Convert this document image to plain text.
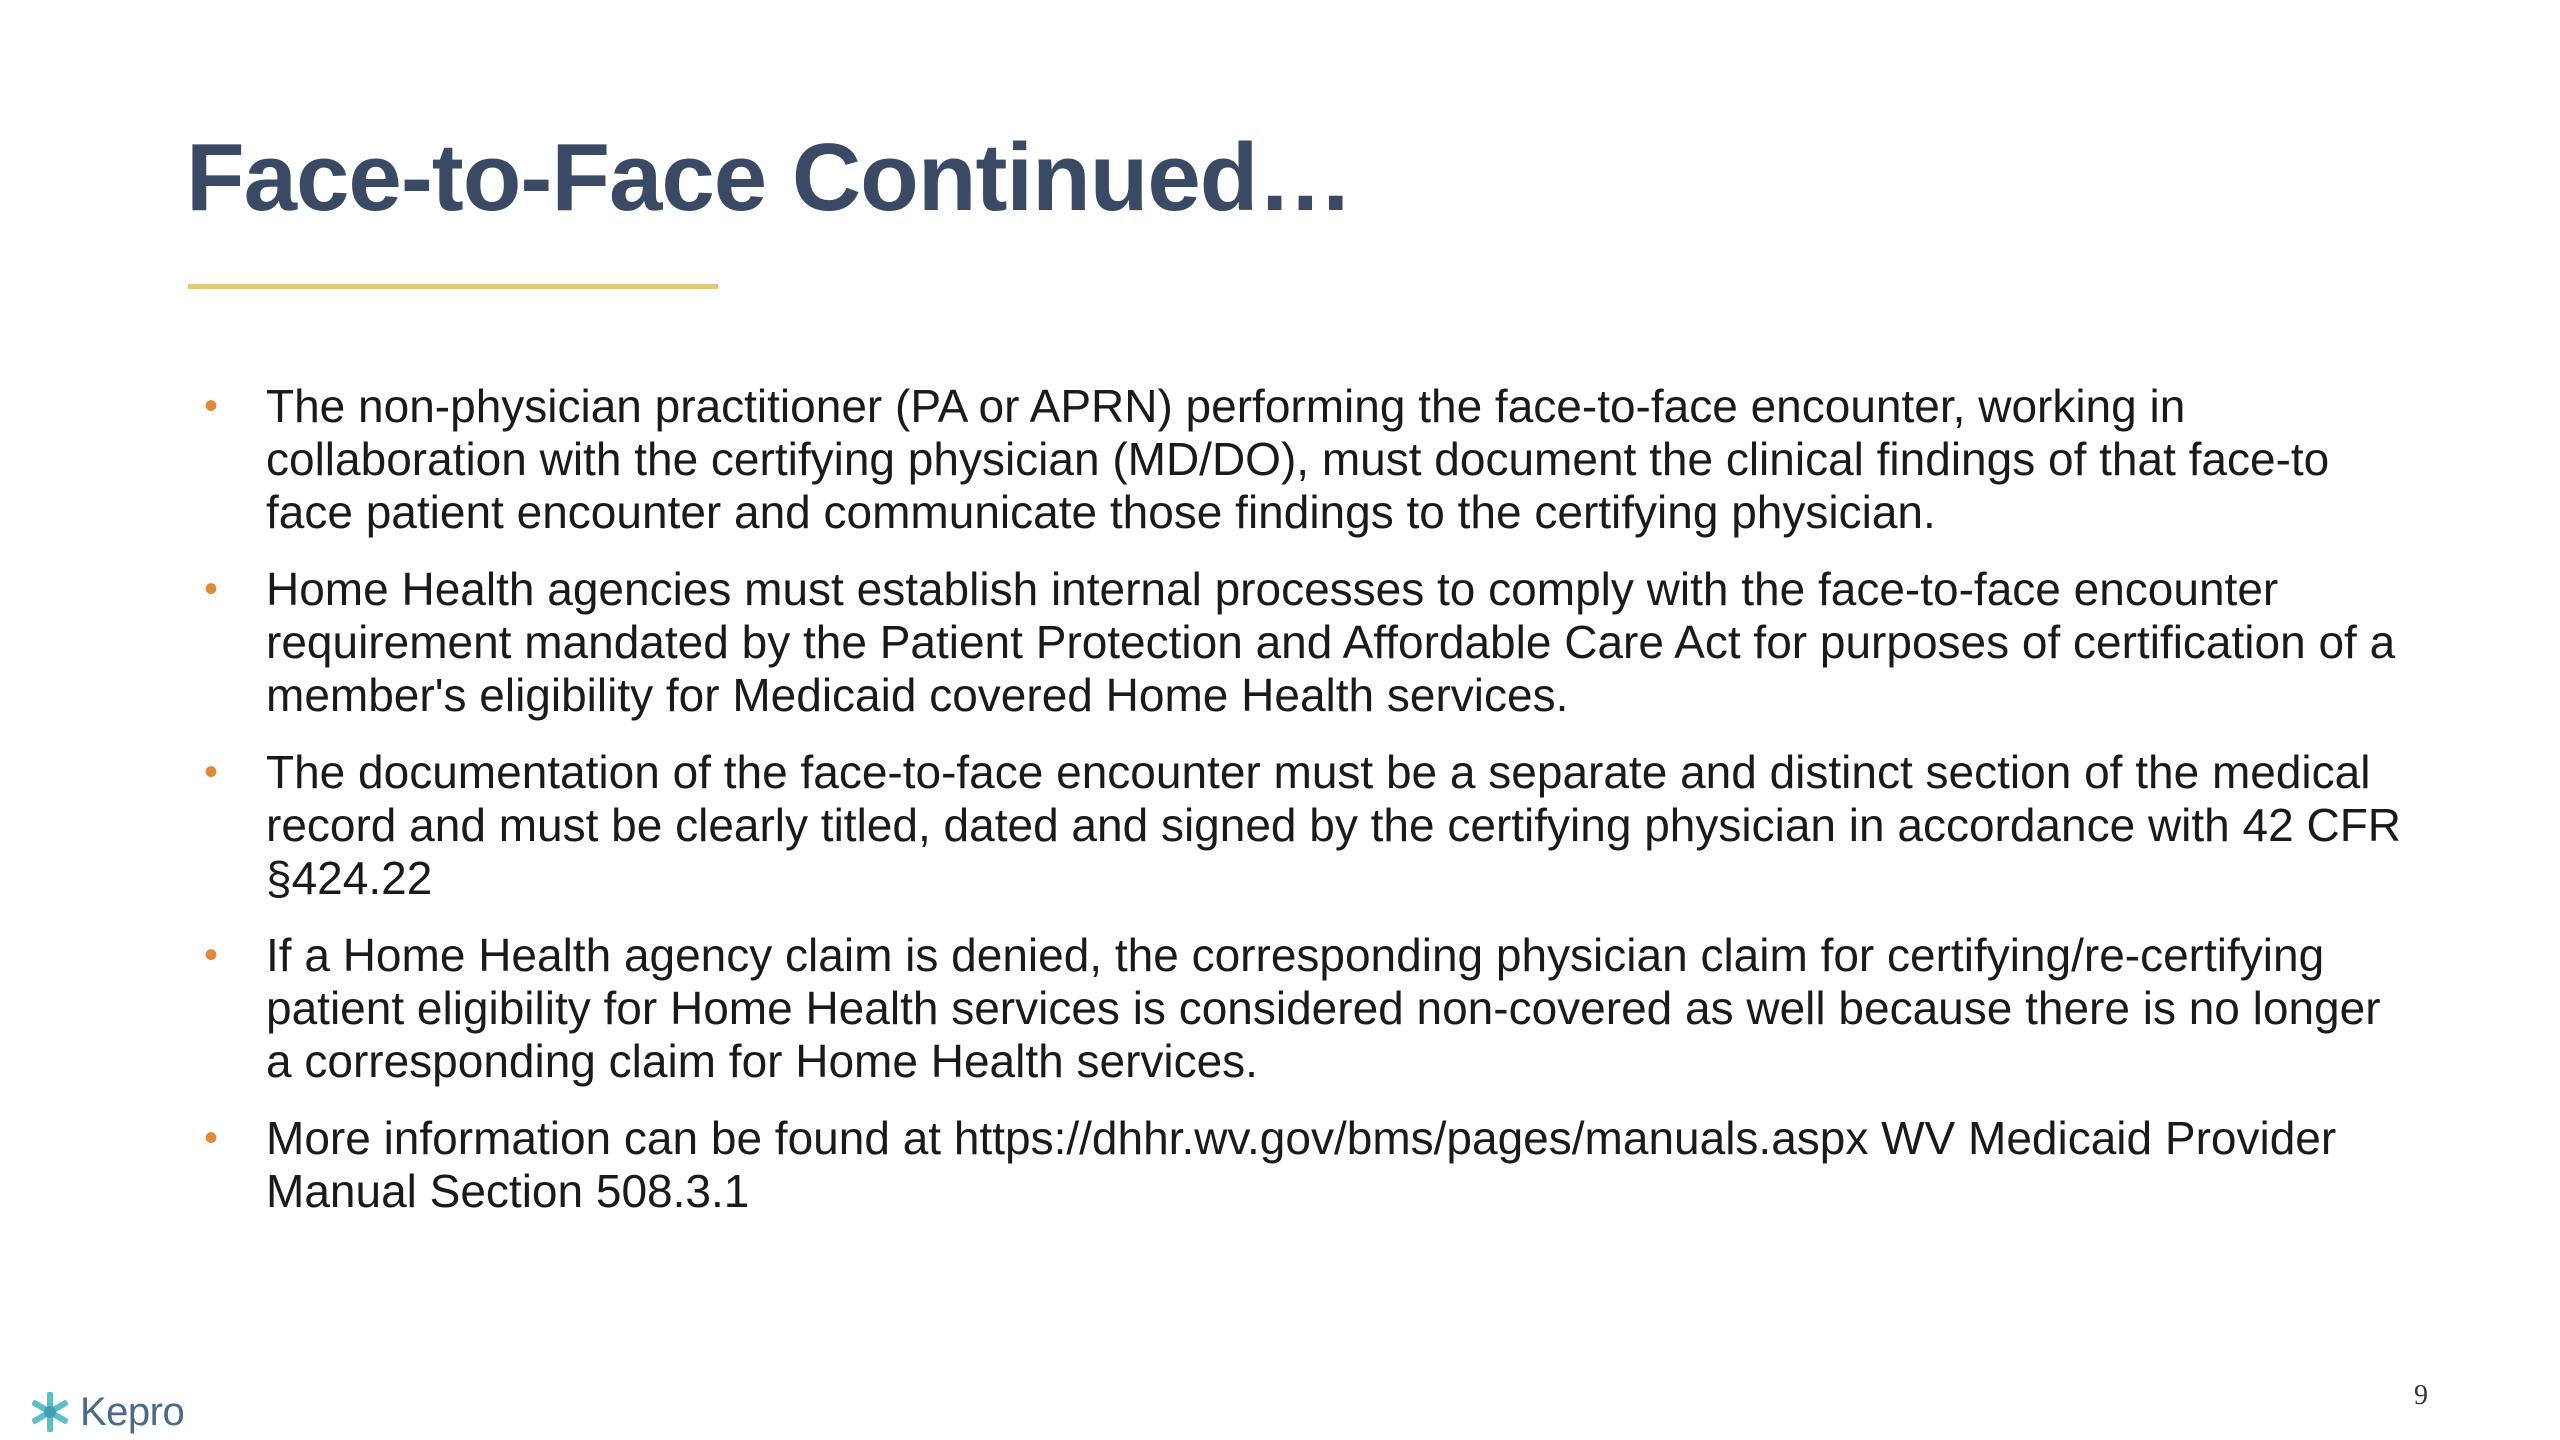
Face-to-Face Continued…
• The non-physician practitioner (PA or APRN) performing the face-to-face encounter, working in collaboration with the certifying physician (MD/DO), must document the clinical findings of that face-to face patient encounter and communicate those findings to the certifying physician.
• Home Health agencies must establish internal processes to comply with the face-to-face encounter requirement mandated by the Patient Protection and Affordable Care Act for purposes of certification of a member's eligibility for Medicaid covered Home Health services.
• The documentation of the face-to-face encounter must be a separate and distinct section of the medical record and must be clearly titled, dated and signed by the certifying physician in accordance with 42 CFR §424.22
• If a Home Health agency claim is denied, the corresponding physician claim for certifying/re-certifying patient eligibility for Home Health services is considered non-covered as well because there is no longer a corresponding claim for Home Health services.
• More information can be found at https://dhhr.wv.gov/bms/pages/manuals.aspx WV Medicaid Provider Manual Section 508.3.1
Kepro	9
